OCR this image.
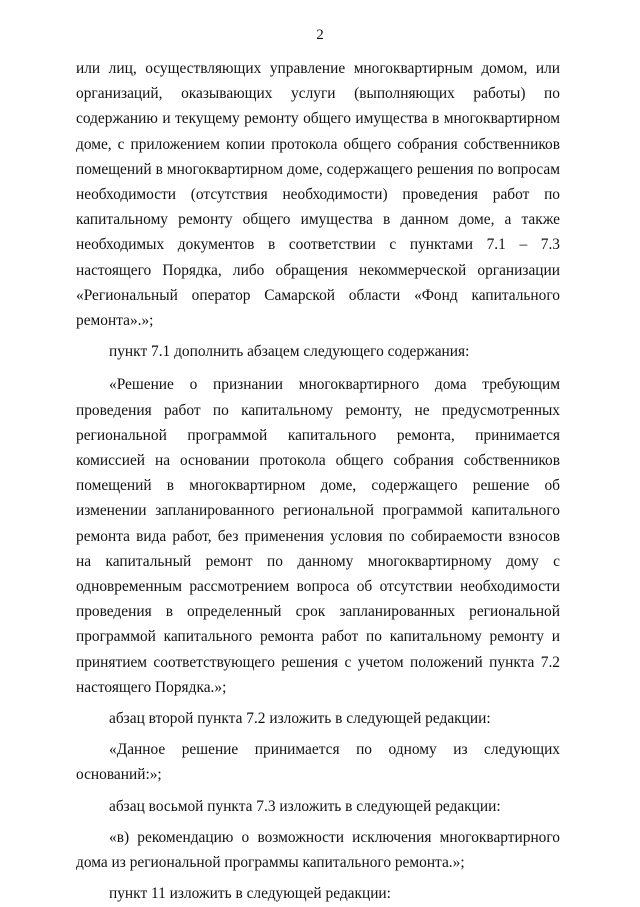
2

или лиц, осуществляющих управление многоквартирным домом, или организаций, оказывающих услуги (выполняющих работы) по содержанию и текущему ремонту общего имущества в многоквартирном доме, с приложением копии протокола общего собрания собственников помещений в многоквартирном доме, содержащего решения по вопросам необходимости (отсутствия необходимости) проведения работ по капитальному ремонту общего имущества в данном доме, а также необходимых документов в соответствии с пунктами 7.1 – 7.3 настоящего Порядка, либо обращения некоммерческой организации «Региональный оператор Самарской области «Фонд капитального ремонта».»;

пункт 7.1 дополнить абзацем следующего содержания:

«Решение о признании многоквартирного дома требующим проведения работ по капитальному ремонту, не предусмотренных региональной программой капитального ремонта, принимается комиссией на основании протокола общего собрания собственников помещений в многоквартирном доме, содержащего решение об изменении запланированного региональной программой капитального ремонта вида работ, без применения условия по собираемости взносов на капитальный ремонт по данному многоквартирному дому с одновременным рассмотрением вопроса об отсутствии необходимости проведения в определенный срок запланированных региональной программой капитального ремонта работ по капитальному ремонту и принятием соответствующего решения с учетом положений пункта 7.2 настоящего Порядка.»;

абзац второй пункта 7.2 изложить в следующей редакции:

«Данное решение принимается по одному из следующих оснований:»;

абзац восьмой пункта 7.3 изложить в следующей редакции:

«в) рекомендацию о возможности исключения многоквартирного дома из региональной программы капитального ремонта.»;

пункт 11 изложить в следующей редакции:
